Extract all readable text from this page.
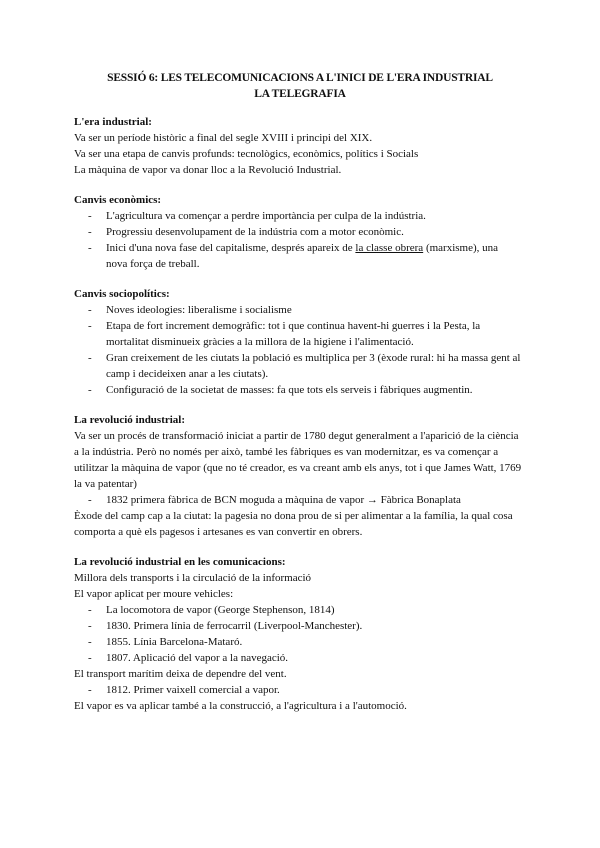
SESSIÓ 6: LES TELECOMUNICACIONS A L'INICI DE L'ERA INDUSTRIAL
LA TELEGRAFIA

L'era industrial:

Va ser un període històric a final del segle XVIII i principi del XIX.

Va ser una etapa de canvis profunds: tecnològics, econòmics, polítics i Socials

La màquina de vapor va donar lloc a la Revolució Industrial.

Canvis econòmics:

- L'agricultura va començar a perdre importància per culpa de la indústria.
- Progressiu desenvolupament de la indústria com a motor econòmic.
- Inici d'una nova fase del capitalisme, després apareix de la classe obrera (marxisme), una
nova força de treball.

Canvis sociopolítics:

- Noves ideologies: liberalisme i socialisme
- Etapa de fort increment demogràfic: tot i que continua havent-hi guerres i la Pesta, la
mortalitat disminueix gràcies a la millora de la higiene i l'alimentació.
- Gran creixement de les ciutats la població es multiplica per 3 (èxode rural: hi ha massa gent al
camp i decideixen anar a les ciutats).
- Configuració de la societat de masses: fa que tots els serveis i fàbriques augmentin.

La revolució industrial:

Va ser un procés de transformació iniciat a partir de 1780 degut generalment a l'aparició de la ciència

a la indústria. Però no només per això, també les fàbriques es van modernitzar, es va començar a

utilitzar la màquina de vapor (que no té creador, es va creant amb els anys, tot i que James Watt, 1769

la va patentar)

- 1832 primera fàbrica de BCN moguda a màquina de vapor → Fàbrica Bonaplata

Èxode del camp cap a la ciutat: la pagesia no dona prou de si per alimentar a la família, la qual cosa

comporta a què els pagesos i artesanes es van convertir en obrers.

La revolució industrial en les comunicacions:

Millora dels transports i la circulació de la informació

El vapor aplicat per moure vehicles:

- La locomotora de vapor (George Stephenson, 1814)
- 1830. Primera línia de ferrocarril (Liverpool-Manchester).
- 1855. Línia Barcelona-Mataró.
- 1807. Aplicació del vapor a la navegació.

El transport marítim deixa de dependre del vent.

- 1812. Primer vaixell comercial a vapor.

El vapor es va aplicar també a la construcció, a l'agricultura i a l'automoció.
